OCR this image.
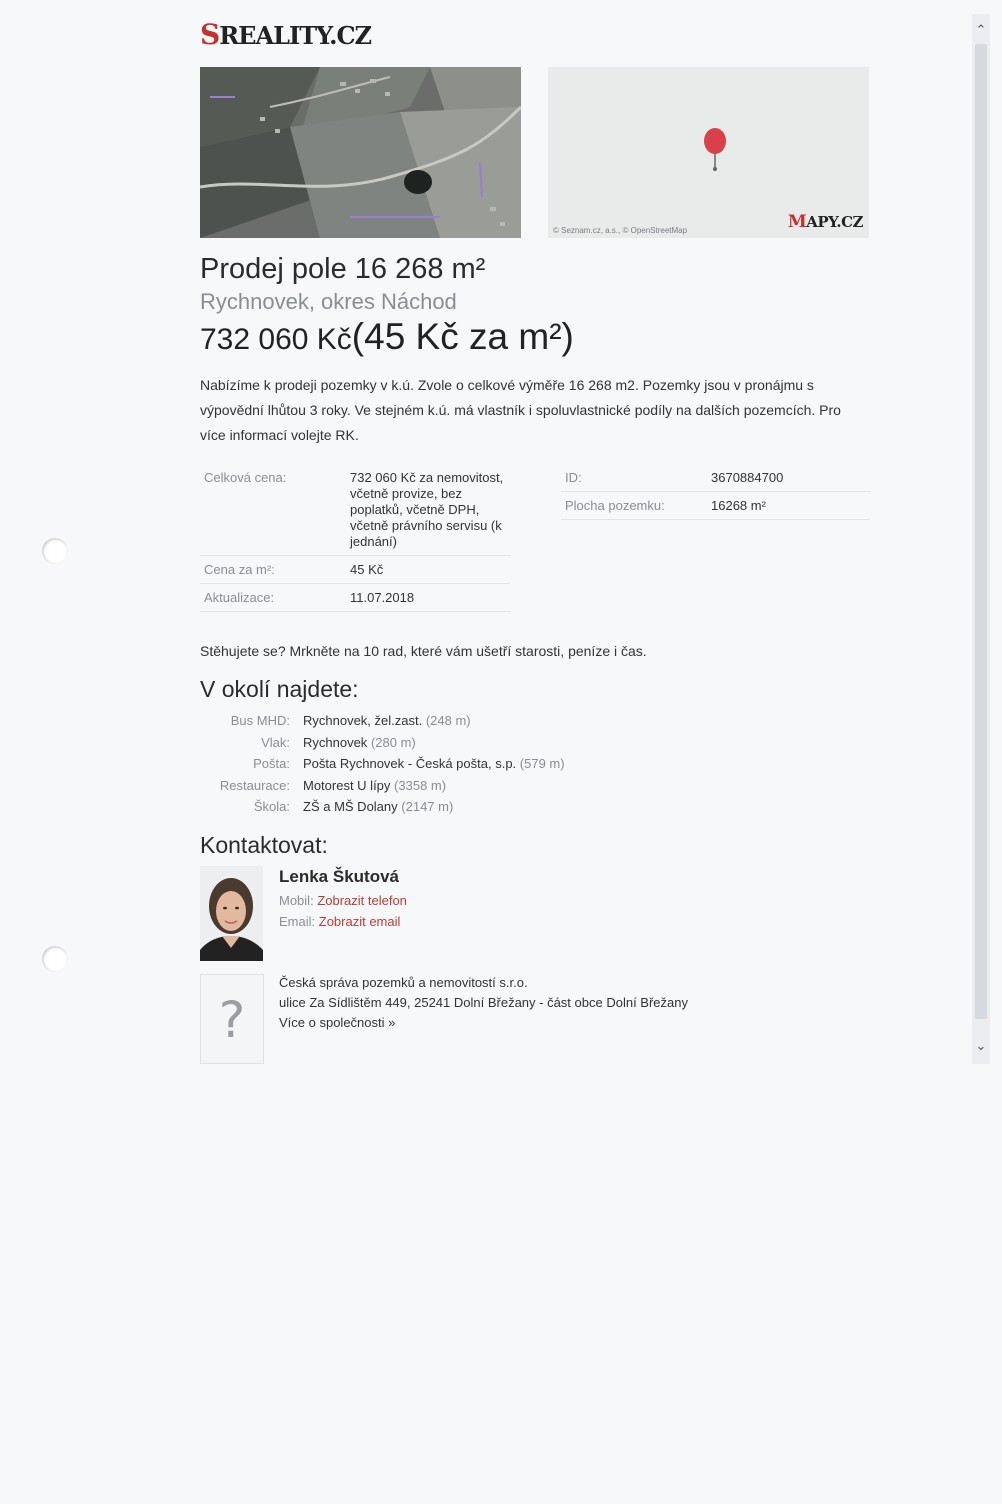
⌃
⌄
SREALITY.CZ
© Seznam.cz, a.s., © OpenStreetMap	MAPY.CZ
Prodej pole 16 268 m²
Rychnovek, okres Náchod
732 060 Kč(45 Kč za m²)
Nabízíme k prodeji pozemky v k.ú. Zvole o celkové výměře 16 268 m2. Pozemky jsou v pronájmu s výpovědní lhůtou 3 roky. Ve stejném k.ú. má vlastník i spoluvlastnické podíly na dalších pozemcích. Pro více informací volejte RK.
Celková cena:	732 060 Kč za nemovitost, včetně provize, bez poplatků, včetně DPH, včetně právního servisu (k jednání)
Cena za m²:	45 Kč
Aktualizace:	11.07.2018
ID:	3670884700
Plocha pozemku:	16268 m²
Stěhujete se? Mrkněte na 10 rad, které vám ušetří starosti, peníze i čas.
V okolí najdete:
Bus MHD:	Rychnovek, žel.zast. (248 m)
Vlak:	Rychnovek (280 m)
Pošta:	Pošta Rychnovek - Česká pošta, s.p. (579 m)
Restaurace:	Motorest U lípy (3358 m)
Škola:	ZŠ a MŠ Dolany (2147 m)
Kontaktovat:
Lenka Škutová
Mobil: Zobrazit telefon
Email: Zobrazit email
?
Česká správa pozemků a nemovitostí s.r.o.
ulice Za Sídlištěm 449, 25241 Dolní Břežany - část obce Dolní Břežany
Více o společnosti »
